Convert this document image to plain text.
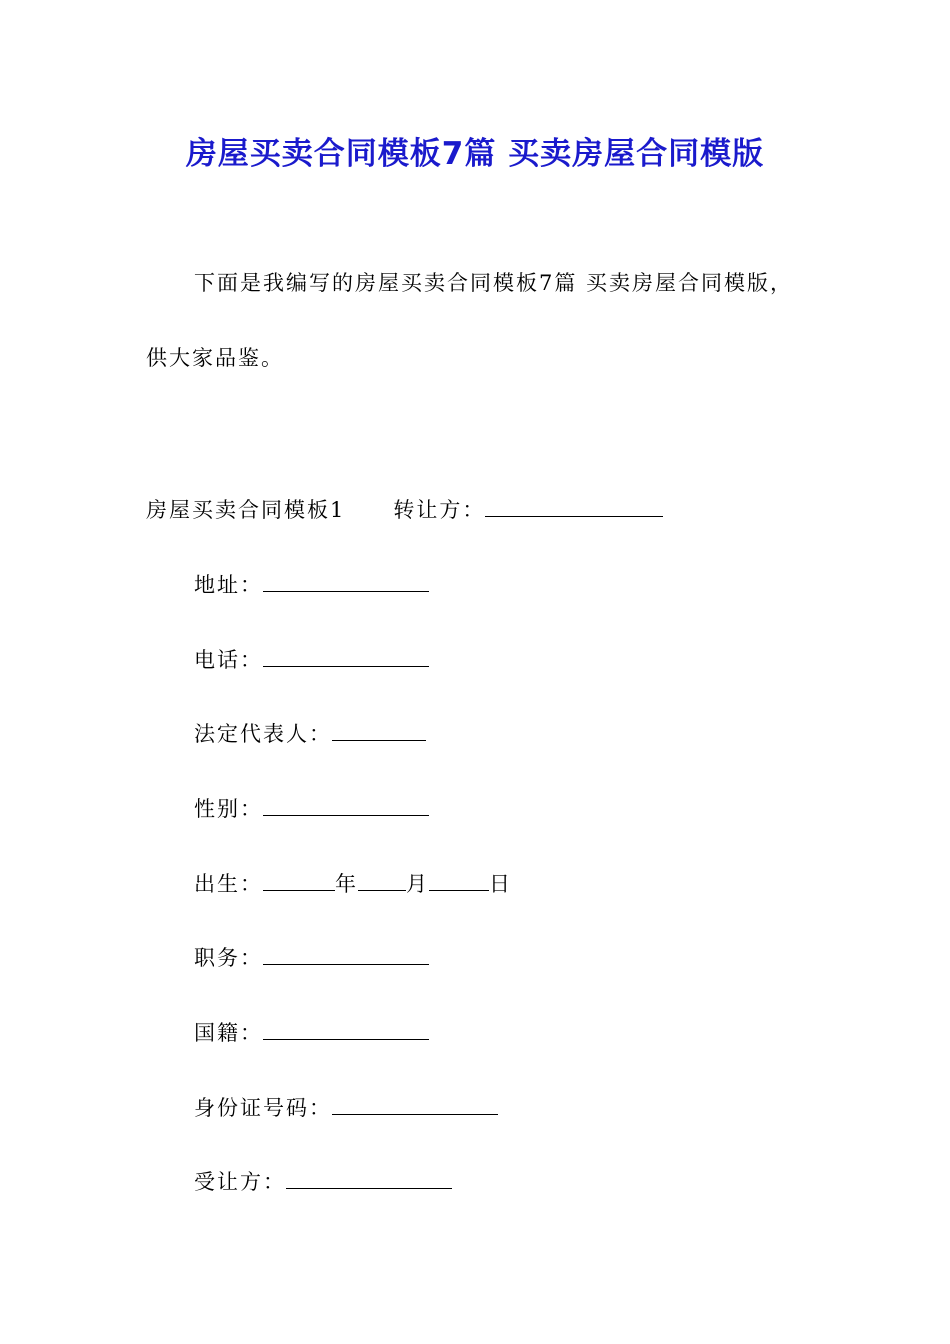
房屋买卖合同模板7篇 买卖房屋合同模版
下面是我编写的房屋买卖合同模板7篇 买卖房屋合同模版，
供大家品鉴。
房屋买卖合同模板1 转让方：
地址：
电话：
法定代表人：
性别：
出生：	年 月	日
职务：
国籍：
身份证号码：
受让方：
